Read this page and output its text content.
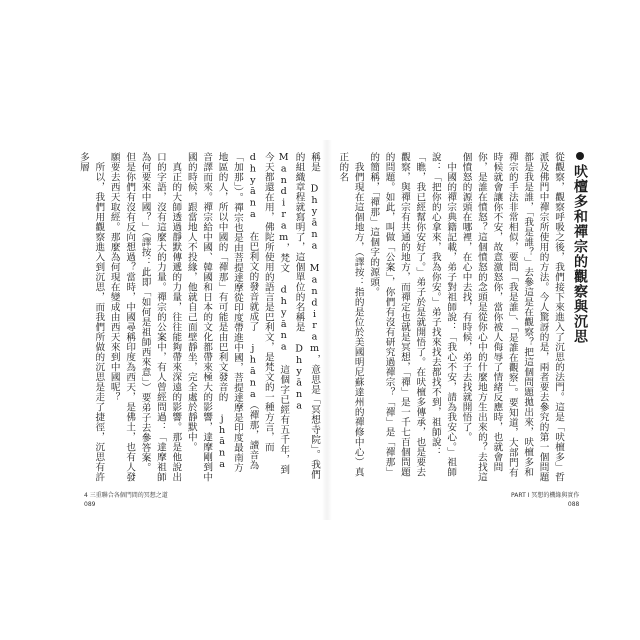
稱是 Dhyāna Mandiram，意思是「冥想寺院」。我們的組織章程就寫明了，這個單位的名稱是 Dhyāna Mandiram，梵文 dhyāna 這個字已經有五千年，到今天都還在用，佛陀所使用的語言是巴利文，是梵文的一種方言，而 dhyāna 在巴利文的發音就成了 jhāna（禪那，讀音為「加那」）。禪宗也是由菩提達摩從印度帶進中國，菩提達摩是印度最南方地區的人，所以中國的「禪那」有可能是由巴利文發音的 jhāna 音譯而來。禪宗給中國、韓國和日本的文化都帶來極大的影響，達摩剛到中國的時候，跟當地人不投緣，他就自己面壁靜坐，完全處於靜默中。
　真正的大師透過靜默傳遞的力量，往往能夠帶來深遠的影響。那是他說出口的字語，沒有這麼大的力量。禪宗的公案中，有人曾經問過：「達摩祖師為何要來中國？」（譯按：此即「如何是祖師西來意」）要弟子去參答案。但是你們有沒有反向想過？當時，中國尋稱印度為西天，是佛土，也有人發願要去西天取經。那麼為何現在變成由西天來到中國呢？
　所以，我們用觀察進入到沉思，而我們所做的沉思是走了捷徑，沉思有許多層
吠檀多和禪宗的觀察與沉思
從觀察，觀察呼吸之後，我們接下來進入了沉思的法門。這是「吠檀多」哲派及佛門中禪宗所使用的方法。今人驚訝的是，兩者要去參究的第一個問題都是我是誰，「我是誰？」去參這是在觀察？把這個問題拋出來，吠檀多和禪宗的手法非常相似，要問「我是誰」、「是誰在觀察」。要知道，大部門有時候就會讓你不安，故意激怒你，當你被人侮辱了情緒反應時，也就會問你，是誰在憤怒？這個憤怒的念頭是從你心中的什麼地方生出來的？去找這個憤怒的源頭在哪裡，在心中去找，有時候，弟子去找就開悟了。
　中國的禪宗典籍記載，弟子對祖師說：「我心不安，請為我安心。」祖師說：「把你的心拿來，我為你安。」弟子找來找去都找不到，祖師說：「瞧，我已經幫你安好了。」弟子於是就開悟了。在吠檀多傳承，也是要去觀察，與禪宗有共通的地方，而禪定也就是冥想，「禪」是一千七百個問題的問題。如此，叫做「公案」，你們有沒有研究過禪宗？「禪」是「禪那」的簡稱，「禪那」這個字的源頭。
　我們現在這個地方，（譯按：指的是位於美國明尼蘇達州的禪修中心）真正的名
4 三重聯合各個門間的冥想之道
089
PART I 冥想的機緣與實作
088
